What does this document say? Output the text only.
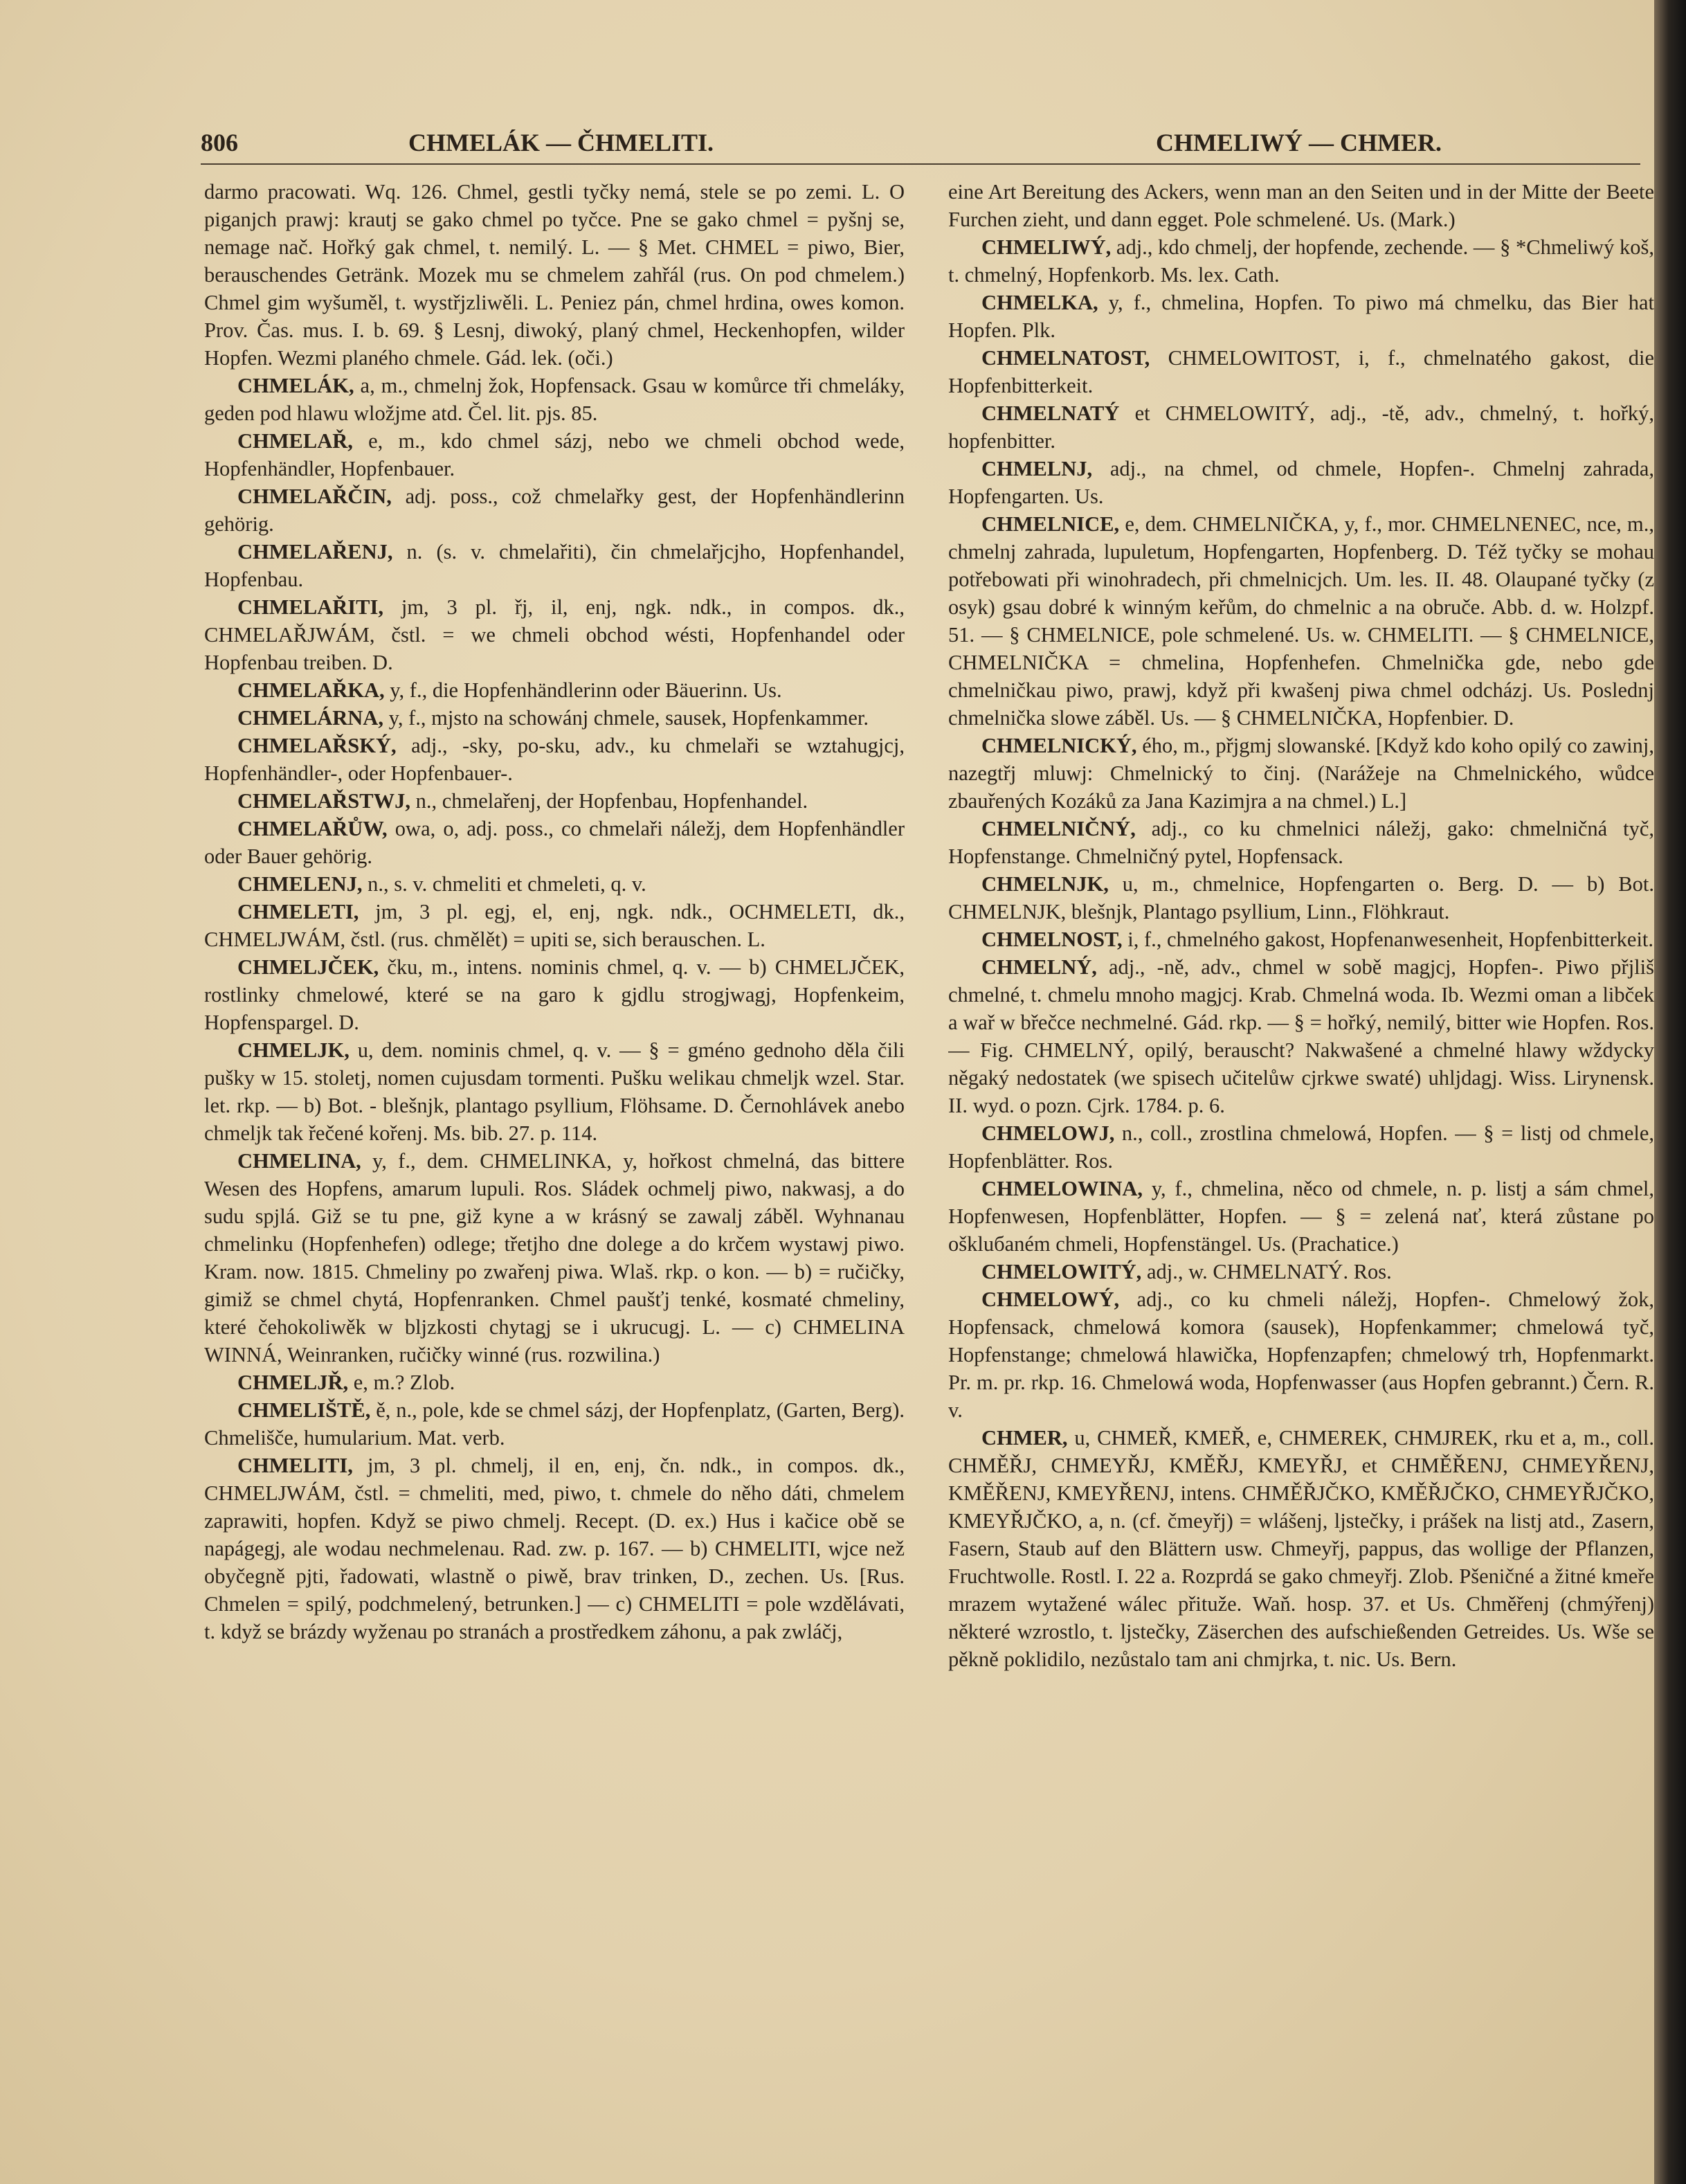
806	CHMELÁK — ČHMELITI.	CHMELIWÝ — CHMER.

darmo pracowati. Wq. 126. Chmel, gestli tyčky nemá, stele se po zemi. L. O piganjch prawj: krautj se gako chmel po tyčce. Pne se gako chmel = pyšnj se, nemage nač. Hořký gak chmel, t. nemilý. L. — § Met. CHMEL = piwo, Bier, berauschendes Getränk. Mozek mu se chmelem zahřál (rus. On pod chmelem.) Chmel gim wyšuměl, t. wystřjzliwěli. L. Peniez pán, chmel hrdina, owes komon. Prov. Čas. mus. I. b. 69. § Lesnj, diwoký, planý chmel, Heckenhopfen, wilder Hopfen. Wezmi planého chmele. Gád. lek. (oči.)

CHMELÁK, a, m., chmelnj žok, Hopfensack. Gsau w komůrce tři chmeláky, geden pod hlawu wložjme atd. Čel. lit. pjs. 85.

CHMELAŘ, e, m., kdo chmel sázj, nebo we chmeli obchod wede, Hopfenhändler, Hopfenbauer.

CHMELAŘČIN, adj. poss., což chmelařky gest, der Hopfenhändlerinn gehörig.

CHMELAŘENJ, n. (s. v. chmelařiti), čin chmelařjcjho, Hopfenhandel, Hopfenbau.

CHMELAŘITI, jm, 3 pl. řj, il, enj, ngk. ndk., in compos. dk., CHMELAŘJWÁM, čstl. = we chmeli obchod wésti, Hopfenhandel oder Hopfenbau treiben. D.

CHMELAŘKA, y, f., die Hopfenhändlerinn oder Bäuerinn. Us.

CHMELÁRNA, y, f., mjsto na schowánj chmele, sausek, Hopfenkammer.

CHMELAŘSKÝ, adj., -sky, po-sku, adv., ku chmelaři se wztahugjcj, Hopfenhändler-, oder Hopfenbauer-.

CHMELAŘSTWJ, n., chmelařenj, der Hopfenbau, Hopfenhandel.

CHMELAŘŮW, owa, o, adj. poss., co chmelaři náležj, dem Hopfenhändler oder Bauer gehörig.

CHMELENJ, n., s. v. chmeliti et chmeleti, q. v.

CHMELETI, jm, 3 pl. egj, el, enj, ngk. ndk., OCHMELETI, dk., CHMELJWÁM, čstl. (rus. chmělět) = upiti se, sich berauschen. L.

CHMELJČEK, čku, m., intens. nominis chmel, q. v. — b) CHMELJČEK, rostlinky chmelowé, které se na garo k gjdlu strogjwagj, Hopfenkeim, Hopfenspargel. D.

CHMELJK, u, dem. nominis chmel, q. v. — § = gméno gednoho děla čili pušky w 15. stoletj, nomen cujusdam tormenti. Pušku welikau chmeljk wzel. Star. let. rkp. — b) Bot. - blešnjk, plantago psyllium, Flöhsame. D. Černohlávek anebo chmeljk tak řečené kořenj. Ms. bib. 27. p. 114.

CHMELINA, y, f., dem. CHMELINKA, y, hořkost chmelná, das bittere Wesen des Hopfens, amarum lupuli. Ros. Sládek ochmelj piwo, nakwasj, a do sudu spjlá. Giž se tu pne, giž kyne a w krásný se zawalj záběl. Wyhnanau chmelinku (Hopfenhefen) odlege; třetjho dne dolege a do krčem wystawj piwo. Kram. now. 1815. Chmeliny po zwařenj piwa. Wlaš. rkp. o kon. — b) = ručičky, gimiž se chmel chytá, Hopfenranken. Chmel paušťj tenké, kosmaté chmeliny, které čehokoliwěk w bljzkosti chytagj se i ukrucugj. L. — c) CHMELINA WINNÁ, Weinranken, ručičky winné (rus. rozwilina.)

CHMELJŘ, e, m.? Zlob.

CHMELIŠTĚ, ě, n., pole, kde se chmel sázj, der Hopfenplatz, (Garten, Berg). Chmelišče, humularium. Mat. verb.

CHMELITI, jm, 3 pl. chmelj, il en, enj, čn. ndk., in compos. dk., CHMELJWÁM, čstl. = chmeliti, med, piwo, t. chmele do něho dáti, chmelem zaprawiti, hopfen. Když se piwo chmelj. Recept. (D. ex.) Hus i kačice obě se napágegj, ale wodau nechmelenau. Rad. zw. p. 167. — b) CHMELITI, wjce než obyčegně pjti, řadowati, wlastně o piwě, brav trinken, D., zechen. Us. [Rus. Chmelen = spilý, podchmelený, betrunken.] — c) CHMELITI = pole wzdělávati, t. když se brázdy wyženau po stranách a prostředkem záhonu, a pak zwláčj,

eine Art Bereitung des Ackers, wenn man an den Seiten und in der Mitte der Beete Furchen zieht, und dann egget. Pole schmelené. Us. (Mark.)

CHMELIWÝ, adj., kdo chmelj, der hopfende, zechende. — § *Chmeliwý koš, t. chmelný, Hopfenkorb. Ms. lex. Cath.

CHMELKA, y, f., chmelina, Hopfen. To piwo má chmelku, das Bier hat Hopfen. Plk.

CHMELNATOST, CHMELOWITOST, i, f., chmelnatého gakost, die Hopfenbitterkeit.

CHMELNATÝ et CHMELOWITÝ, adj., -tě, adv., chmelný, t. hořký, hopfenbitter.

CHMELNJ, adj., na chmel, od chmele, Hopfen-. Chmelnj zahrada, Hopfengarten. Us.

CHMELNICE, e, dem. CHMELNIČKA, y, f., mor. CHMELNENEC, nce, m., chmelnj zahrada, lupuletum, Hopfengarten, Hopfenberg. D. Též tyčky se mohau potřebowati při winohradech, při chmelnicjch. Um. les. II. 48. Olaupané tyčky (z osyk) gsau dobré k winným keřům, do chmelnic a na obruče. Abb. d. w. Holzpf. 51. — § CHMELNICE, pole schmelené. Us. w. CHMELITI. — § CHMELNICE, CHMELNIČKA = chmelina, Hopfenhefen. Chmelnička gde, nebo gde chmelničkau piwo, prawj, když při kwašenj piwa chmel odcházj. Us. Poslednj chmelnička slowe záběl. Us. — § CHMELNIČKA, Hopfenbier. D.

CHMELNICKÝ, ého, m., přjgmj slowanské. [Když kdo koho opilý co zawinj, nazegtřj mluwj: Chmelnický to činj. (Narážeje na Chmelnického, wůdce zbauřených Kozáků za Jana Kazimjra a na chmel.) L.]

CHMELNIČNÝ, adj., co ku chmelnici náležj, gako: chmelničná tyč, Hopfenstange. Chmelničný pytel, Hopfensack.

CHMELNJK, u, m., chmelnice, Hopfengarten o. Berg. D. — b) Bot. CHMELNJK, blešnjk, Plantago psyllium, Linn., Flöhkraut.

CHMELNOST, i, f., chmelného gakost, Hopfenanwesenheit, Hopfenbitterkeit.

CHMELNÝ, adj., -ně, adv., chmel w sobě magjcj, Hopfen-. Piwo přjliš chmelné, t. chmelu mnoho magjcj. Krab. Chmelná woda. Ib. Wezmi oman a libček a wař w břečce nechmelné. Gád. rkp. — § = hořký, nemilý, bitter wie Hopfen. Ros. — Fig. CHMELNÝ, opilý, berauscht? Nakwašené a chmelné hlawy wždycky něgaký nedostatek (we spisech učitelůw cjrkwe swaté) uhljdagj. Wiss. Lirynensk. II. wyd. o pozn. Cjrk. 1784. p. 6.

CHMELOWJ, n., coll., zrostlina chmelowá, Hopfen. — § = listj od chmele, Hopfenblätter. Ros.

CHMELOWINA, y, f., chmelina, něco od chmele, n. p. listj a sám chmel, Hopfenwesen, Hopfenblätter, Hopfen. — § = zelená nať, která zůstane po oškluбaném chmeli, Hopfenstängel. Us. (Prachatice.)

CHMELOWITÝ, adj., w. CHMELNATÝ. Ros.

CHMELOWÝ, adj., co ku chmeli náležj, Hopfen-. Chmelowý žok, Hopfensack, chmelowá komora (sausek), Hopfenkammer; chmelowá tyč, Hopfenstange; chmelowá hlawička, Hopfenzapfen; chmelowý trh, Hopfenmarkt. Pr. m. pr. rkp. 16. Chmelowá woda, Hopfenwasser (aus Hopfen gebrannt.) Čern. R. v.

CHMER, u, CHMEŘ, KMEŘ, e, CHMEREK, CHMJREK, rku et a, m., coll. CHMĚŘJ, CHMEYŘJ, KMĚŘJ, KMEYŘJ, et CHMĚŘENJ, CHMEYŘENJ, KMĚŘENJ, KMEYŘENJ, intens. CHMĚŘJČKO, KMĚŘJČKO, CHMEYŘJČKO, KMEYŘJČKO, a, n. (cf. čmeyřj) = wlášenj, ljstečky, i prášek na listj atd., Zasern, Fasern, Staub auf den Blättern usw. Chmeyřj, pappus, das wollige der Pflanzen, Fruchtwolle. Rostl. I. 22 a. Rozprdá se gako chmeyřj. Zlob. Pšeničné a žitné kmeře mrazem wytažené wálec přituže. Waň. hosp. 37. et Us. Chměřenj (chmýřenj) některé wzrostlo, t. ljstečky, Zäserchen des aufschießenden Getreides. Us. Wše se pěkně poklidilo, nezůstalo tam ani chmjrka, t. nic. Us. Bern.
